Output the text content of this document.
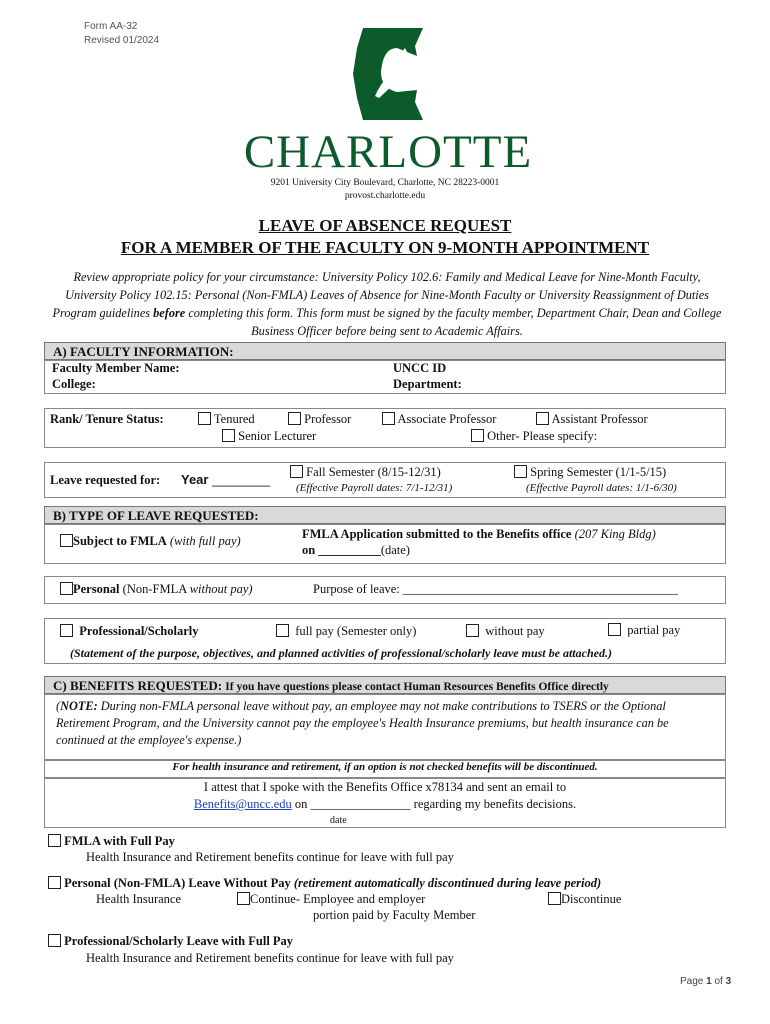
Form AA-32
Revised 01/2024
CHARLOTTE
9201 University City Boulevard, Charlotte, NC 28223-0001
provost.charlotte.edu
LEAVE OF ABSENCE REQUEST
FOR A MEMBER OF THE FACULTY ON 9-MONTH APPOINTMENT
Review appropriate policy for your circumstance: University Policy 102.6: Family and Medical Leave for Nine-Month Faculty, University Policy 102.15: Personal (Non-FMLA) Leaves of Absence for Nine-Month Faculty or University Reassignment of Duties Program guidelines before completing this form. This form must be signed by the faculty member, Department Chair, Dean and College Business Officer before being sent to Academic Affairs.
A) FACULTY INFORMATION:
Faculty Member Name:	UNCC ID
College:	Department:
Rank/ Tenure Status:	Tenured	Professor	Associate Professor	Assistant Professor
Senior Lecturer	Other- Please specify:
Leave requested for: Year ________	Fall Semester (8/15-12/31)
(Effective Payroll dates: 7/1-12/31)
Spring Semester (1/1-5/15)
(Effective Payroll dates: 1/1-6/30)
B) TYPE OF LEAVE REQUESTED:
Subject to FMLA (with full pay)	FMLA Application submitted to the Benefits office (207 King Bldg)
on __________(date)
Personal (Non-FMLA without pay)	Purpose of leave: ____________________________________________
Professional/Scholarly	full pay (Semester only)	without pay	partial pay
(Statement of the purpose, objectives, and planned activities of professional/scholarly leave must be attached.)
C) BENEFITS REQUESTED: If you have questions please contact Human Resources Benefits Office directly
(NOTE: During non-FMLA personal leave without pay, an employee may not make contributions to TSERS or the Optional Retirement Program, and the University cannot pay the employee's Health Insurance premiums, but health insurance can be continued at the employee's expense.)
For health insurance and retirement, if an option is not checked benefits will be discontinued.
I attest that I spoke with the Benefits Office x78134 and sent an email to
Benefits@uncc.edu on ________________ regarding my benefits decisions.
date
FMLA with Full Pay
Health Insurance and Retirement benefits continue for leave with full pay
Personal (Non-FMLA) Leave Without Pay (retirement automatically discontinued during leave period)
Health Insurance	Continue- Employee and employer
portion paid by Faculty Member
Discontinue
Professional/Scholarly Leave with Full Pay
Health Insurance and Retirement benefits continue for leave with full pay
Page 1 of 3
